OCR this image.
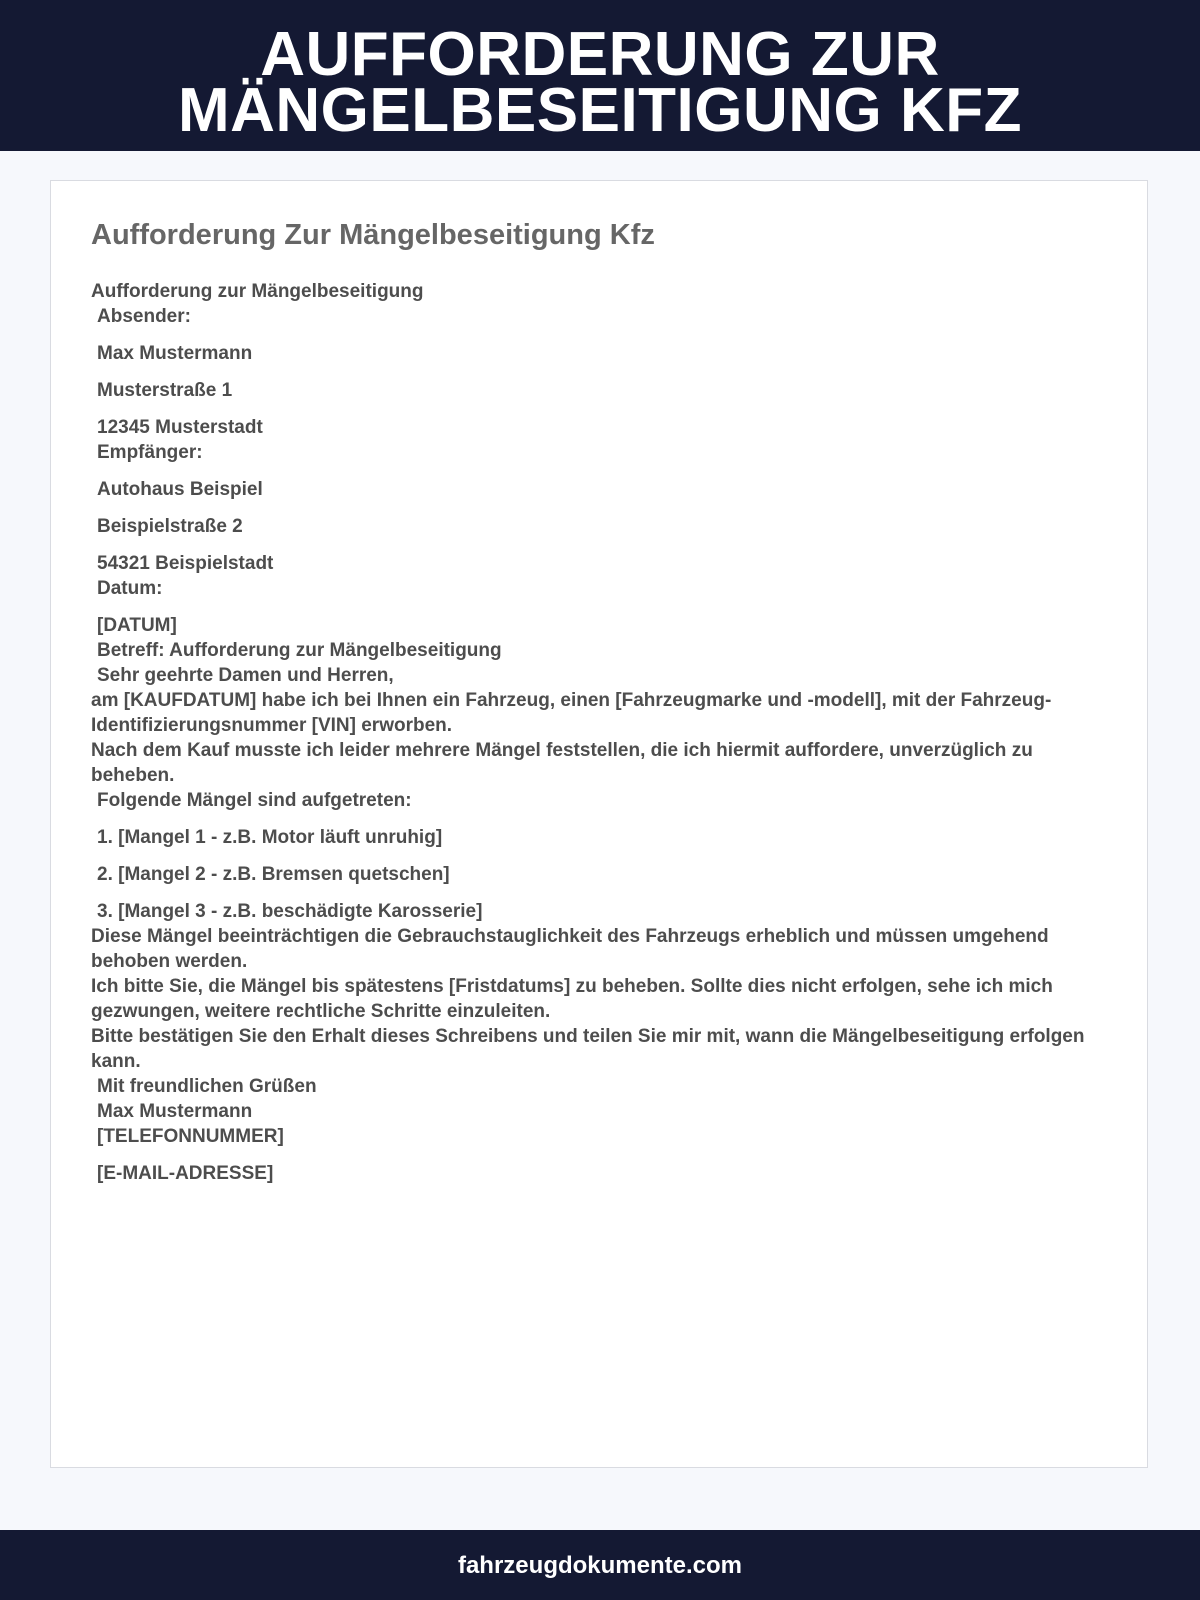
AUFFORDERUNG ZUR MÄNGELBESEITIGUNG KFZ
Aufforderung Zur Mängelbeseitigung Kfz
Aufforderung zur Mängelbeseitigung
Absender:
Max Mustermann
Musterstraße 1
12345 Musterstadt
Empfänger:
Autohaus Beispiel
Beispielstraße 2
54321 Beispielstadt
Datum:
[DATUM]
Betreff: Aufforderung zur Mängelbeseitigung
Sehr geehrte Damen und Herren,
am [KAUFDATUM] habe ich bei Ihnen ein Fahrzeug, einen [Fahrzeugmarke und -modell], mit der Fahrzeug-Identifizierungsnummer [VIN] erworben.
Nach dem Kauf musste ich leider mehrere Mängel feststellen, die ich hiermit auffordere, unverzüglich zu beheben.
Folgende Mängel sind aufgetreten:
1. [Mangel 1 - z.B. Motor läuft unruhig]
2. [Mangel 2 - z.B. Bremsen quetschen]
3. [Mangel 3 - z.B. beschädigte Karosserie]
Diese Mängel beeinträchtigen die Gebrauchstauglichkeit des Fahrzeugs erheblich und müssen umgehend behoben werden.
Ich bitte Sie, die Mängel bis spätestens [Fristdatums] zu beheben. Sollte dies nicht erfolgen, sehe ich mich gezwungen, weitere rechtliche Schritte einzuleiten.
Bitte bestätigen Sie den Erhalt dieses Schreibens und teilen Sie mir mit, wann die Mängelbeseitigung erfolgen kann.
Mit freundlichen Grüßen
Max Mustermann
[TELEFONNUMMER]
[E-MAIL-ADRESSE]
fahrzeugdokumente.com
